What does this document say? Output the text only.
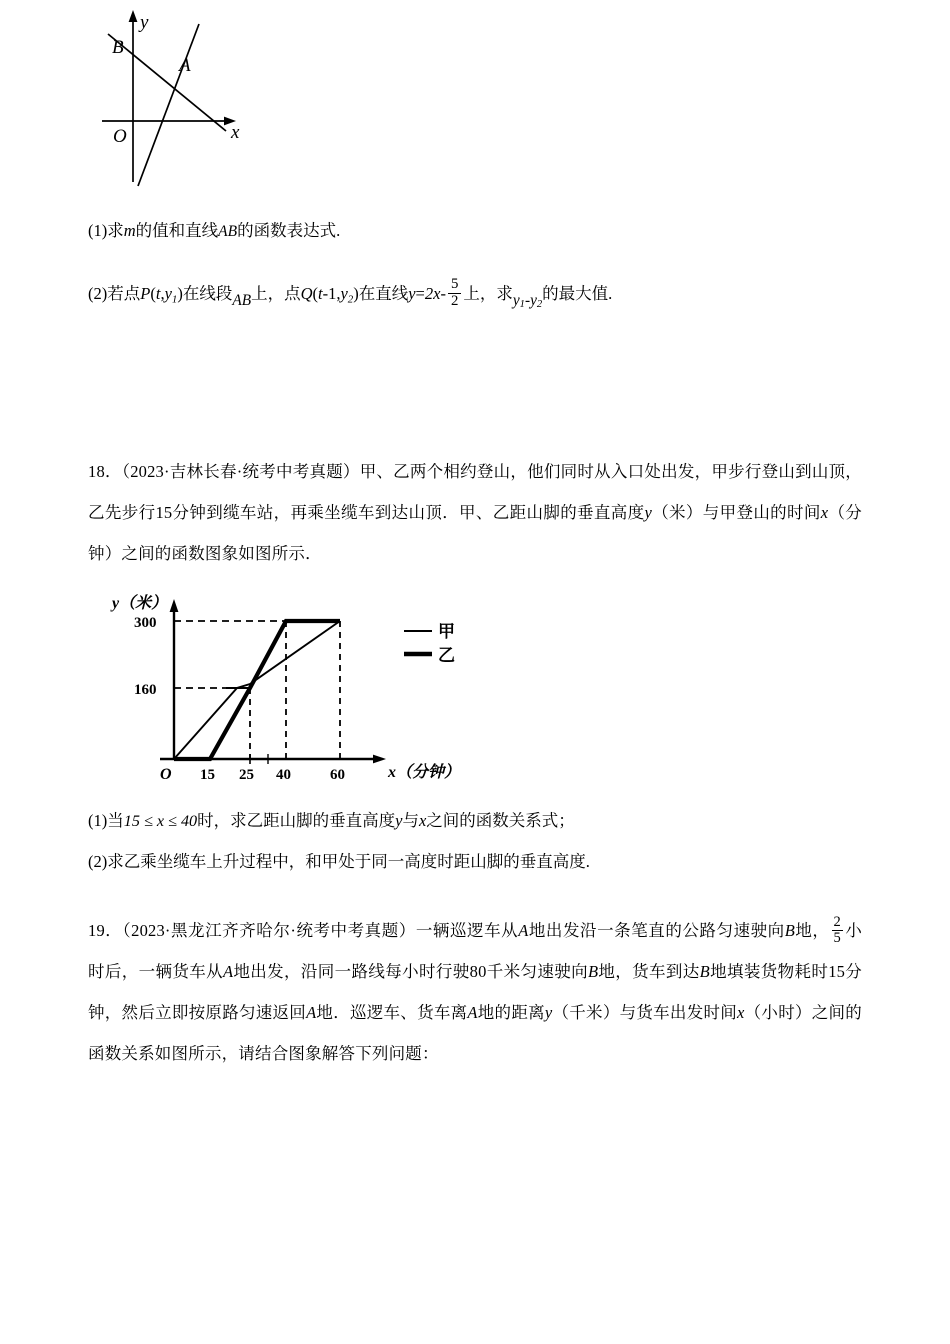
B
A
O	x
y
(1)求m的值和直线AB的函数表达式.
(2)若点$P(t,y_1)$在线段AB上，点$Q(t-1,y_2)$在直线$y=2x- \frac{5}{2}$ 上，求y1-y2的最大值.
18．（2023·吉林长春·统考中考真题）甲、乙两个相约登山，他们同时从入口处出发，甲步行登山到山顶，乙先步行15分钟到缆车站，再乘坐缆车到达山顶．甲、乙距山脚的垂直高度y（米）与甲登山的时间x（分钟）之间的函数图象如图所示．
y（米）
300
160
O 15 25 40	60	x（分钟）
甲
乙
(1)当15 ≤ x ≤ 40时，求乙距山脚的垂直高度y与x之间的函数关系式；
(2)求乙乘坐缆车上升过程中，和甲处于同一高度时距山脚的垂直高度.
19．（2023·黑龙江齐齐哈尔·统考中考真题）一辆巡逻车从A地出发沿一条笔直的公路匀速驶向B地， $\frac{2}{5}$ 小时后，一辆货车从A地出发，沿同一路线每小时行驶80千米匀速驶向B地，货车到达B地填装货物耗时15分钟，然后立即按原路匀速返回A地．巡逻车、货车离A地的距离y（千米）与货车出发时间x（小时）之间的函数关系如图所示，请结合图象解答下列问题：
